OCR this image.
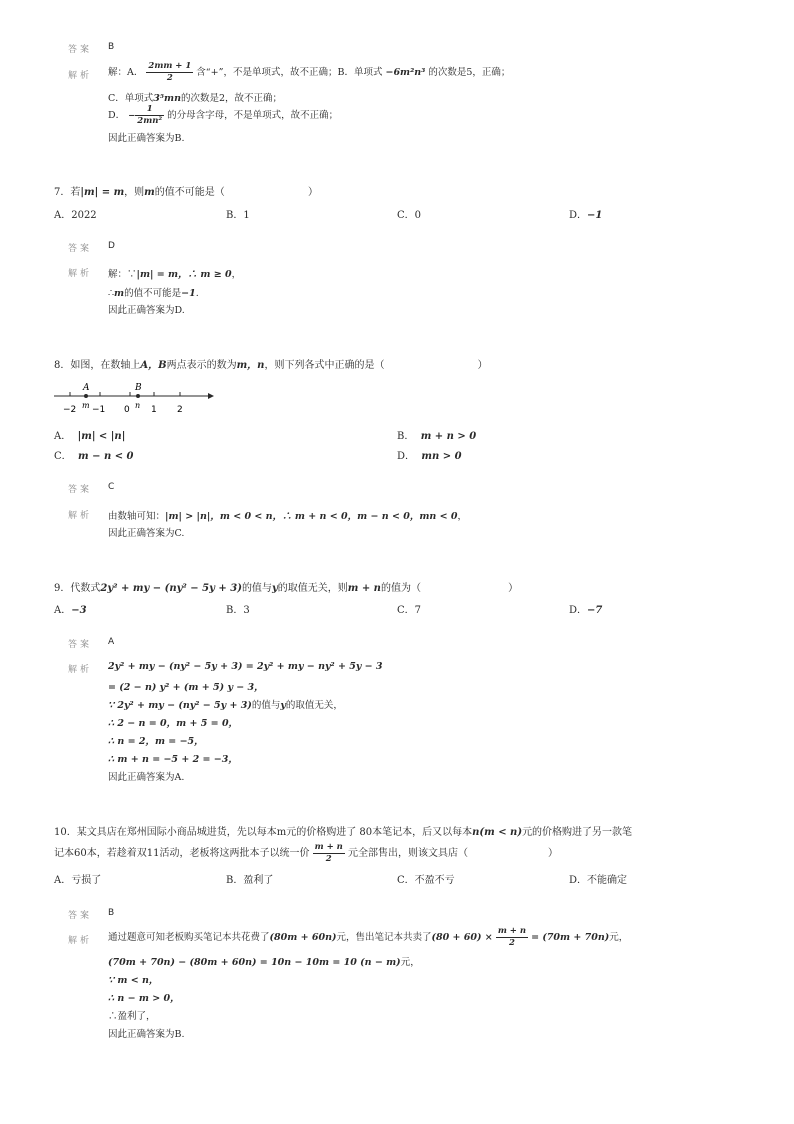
答案 B
解析 解：A． $\frac{2mm + 1}{2}$ 含“+”，不是单项式，故不正确；B．单项式 −6m²n³ 的次数是5，正确；
C．单项式3⁵mn的次数是2，故不正确；
D． − $\frac{1}{\text{2mn²}}$ 的分母含字母，不是单项式，故不正确；
因此正确答案为B.
7．若|m| = m，则m的值不可能是（	）
A．2022	B．1	C．0	D．−1
答案 D
解析 解：∵|m| = m，∴ m ≥ 0，
∴m的值不可能是−1.
因此正确答案为D.
8．如图，在数轴上A，B两点表示的数为m，n，则下列各式中正确的是（	）
A	B
−2 m −1 0 n 1 2
A． |m| < |n|	B． m + n > 0
C． m − n < 0	D． mn > 0
答案 C
解析 由数轴可知：|m| > |n|，m < 0 < n，∴ m + n < 0，m − n < 0，mn < 0，
因此正确答案为C.
9．代数式2y² + my − (ny² − 5y + 3)的值与y的取值无关，则m + n的值为（	）
A．−3	B．3	C．7	D．−7
答案 A
解析 2y² + my − (ny² − 5y + 3) = 2y² + my − ny² + 5y − 3
= (2 − n) y² + (m + 5) y − 3，
∵ 2y² + my − (ny² − 5y + 3)的值与y的取值无关，
∴ 2 − n = 0，m + 5 = 0，
∴ n = 2，m = −5，
∴ m + n = −5 + 2 = −3，
因此正确答案为A.
10．某文具店在郑州国际小商品城进货，先以每本m元的价格购进了 80本笔记本，后又以每本n(m < n)元的价格购进了另一款笔
记本60本，若趁着双11活动，老板将这两批本子以统一价 $\frac{m + n}{2}$ 元全部售出，则该文具店（	）
A．亏损了	B．盈利了	C．不盈不亏	D．不能确定
答案 B
解析 通过题意可知老板购买笔记本共花费了(80m + 60n)元，售出笔记本共卖了$(80 + 60) \times \frac{m + n}{2} = (70m + 70n)$元，
(70m + 70n) − (80m + 60n) = 10n − 10m = 10 (n − m)元，
∵ m < n，
∴ n − m > 0，
∴盈利了，
因此正确答案为B.
